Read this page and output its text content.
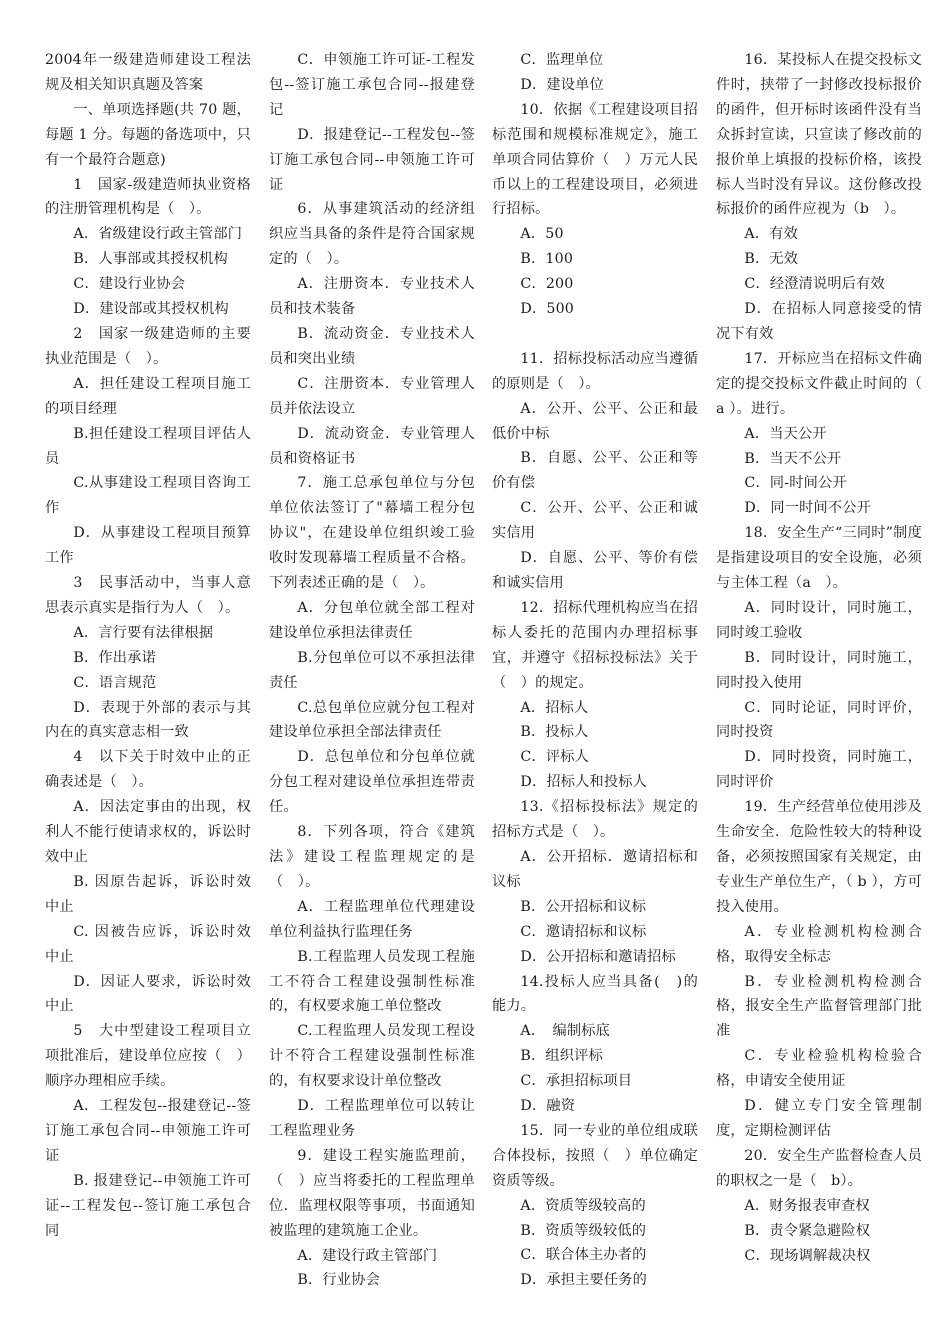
2004年一级建造师建设工程法规及相关知识真题及答案

一、单项选择题(共 70 题，每题 1 分。每题的备选项中，只有一个最符合题意)

1　国家-级建造师执业资格的注册管理机构是（　）。

A．省级建设行政主管部门

B．人事部或其授权机构

C．建设行业协会

D．建设部或其授权机构

2　国家一级建造师的主要执业范围是（　）。

A．担任建设工程项目施工的项目经理

B.担任建设工程项目评估人员

C.从事建设工程项目咨询工作

D．从事建设工程项目预算工作

3　民事活动中，当事人意思表示真实是指行为人（　）。

A．言行要有法律根据

B．作出承诺

C．语言规范

D．表现于外部的表示与其内在的真实意志相一致

4　以下关于时效中止的正确表述是（　）。

A．因法定事由的出现，权利人不能行使请求权的，诉讼时效中止

B. 因原告起诉，诉讼时效中止

C. 因被告应诉，诉讼时效中止

D．因证人要求，诉讼时效中止

5　大中型建设工程项目立项批准后，建设单位应按（　）顺序办理相应手续。

A．工程发包--报建登记--签订施工承包合同--申领施工许可证

B. 报建登记--申领施工许可证--工程发包--签订施工承包合同

C．申领施工许可证-工程发包--签订施工承包合同--报建登记

D．报建登记--工程发包--签订施工承包合同--申领施工许可证

6．从事建筑活动的经济组织应当具备的条件是符合国家规定的（　）。

A．注册资本．专业技术人员和技术装备

B．流动资金．专业技术人员和突出业绩

C．注册资本．专业管理人员并依法设立

D．流动资金．专业管理人员和资格证书

7．施工总承包单位与分包单位依法签订了"幕墙工程分包协议"，在建设单位组织竣工验收时发现幕墙工程质量不合格。下列表述正确的是（　）。

A．分包单位就全部工程对建设单位承担法律责任

B.分包单位可以不承担法律责任

C.总包单位应就分包工程对建设单位承担全部法律责任

D．总包单位和分包单位就分包工程对建设单位承担连带责任。

8．下列各项，符合《建筑法》建设工程监理规定的是（　）。

A．工程监理单位代理建设单位利益执行监理任务

B.工程监理人员发现工程施工不符合工程建设强制性标准的，有权要求施工单位整改

C.工程监理人员发现工程设计不符合工程建设强制性标准的，有权要求设计单位整改

D．工程监理单位可以转让工程监理业务

9．建设工程实施监理前，（　）应当将委托的工程监理单位．监理权限等事项，书面通知被监理的建筑施工企业。

A．建设行政主管部门

B．行业协会

C．监理单位

D．建设单位

10．依据《工程建设项目招标范围和规模标准规定》，施工单项合同估算价（　）万元人民币以上的工程建设项目，必须进行招标。

A．50

B．100

C．200

D．500

11．招标投标活动应当遵循的原则是（　）。

A．公开、公平、公正和最低价中标

B．自愿、公平、公正和等价有偿

C．公开、公平、公正和诚实信用

D．自愿、公平、等价有偿和诚实信用

12．招标代理机构应当在招标人委托的范围内办理招标事宜，并遵守《招标投标法》关于（　）的规定。

A．招标人

B．投标人

C．评标人

D．招标人和投标人

13.《招标投标法》规定的招标方式是（　）。

A．公开招标．邀请招标和议标

B．公开招标和议标

C．邀请招标和议标

D．公开招标和邀请招标

14.投标人应当具备(　)的能力。

A．　编制标底

B．组织评标

C．承担招标项目

D．融资

15．同一专业的单位组成联合体投标，按照（　）单位确定资质等级。

A．资质等级较高的

B．资质等级较低的

C．联合体主办者的

D．承担主要任务的

16．某投标人在提交投标文件时，挟带了一封修改投标报价的函件，但开标时该函件没有当众拆封宣读，只宣读了修改前的报价单上填报的投标价格，该投标人当时没有异议。这份修改投标报价的函件应视为（b　）。

A．有效

B．无效

C．经澄清说明后有效

D．在招标人同意接受的情况下有效

17．开标应当在招标文件确定的提交投标文件截止时间的（ a ）。进行。

A．当天公开

B．当天不公开

C．同-时间公开

D．同一时间不公开

18．安全生产“三同时”制度是指建设项目的安全设施，必须与主体工程（a　）。

A．同时设计，同时施工，同时竣工验收

B．同时设计，同时施工，同时投入使用

C．同时论证，同时评价，同时投资

D．同时投资，同时施工，同时评价

19．生产经营单位使用涉及生命安全．危险性较大的特种设备，必须按照国家有关规定，由专业生产单位生产，（ b ），方可投入使用。

A．专业检测机构检测合格，取得安全标志

B．专业检测机构检测合格，报安全生产监督管理部门批准

C．专业检验机构检验合格，申请安全使用证

D．健立专门安全管理制度，定期检测评估

20．安全生产监督检查人员的职权之一是（　b）。

A．财务报表审查权

B．责令紧急避险权

C．现场调解裁决权
